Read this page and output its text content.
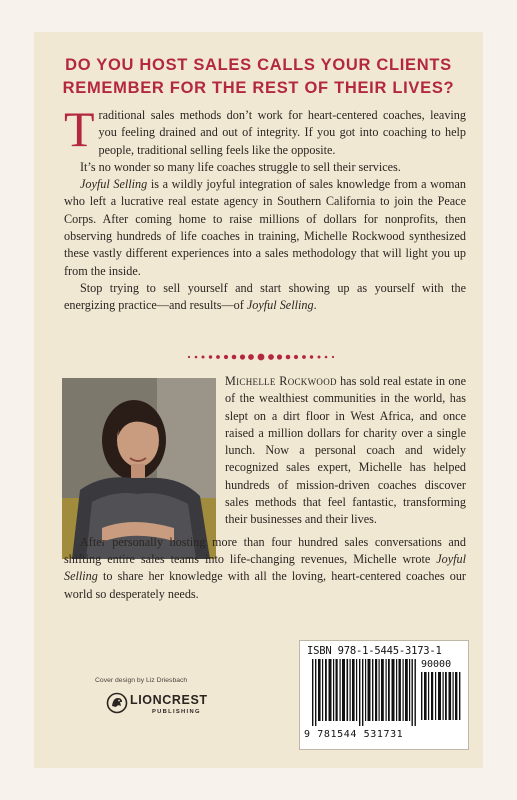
DO YOU HOST SALES CALLS YOUR CLIENTS
REMEMBER FOR THE REST OF THEIR LIVES?

Traditional sales methods don’t work for heart-centered coaches, leaving you feeling drained and out of integrity. If you got into coaching to help people, traditional selling feels like the opposite.

It’s no wonder so many life coaches struggle to sell their services.

Joyful Selling is a wildly joyful integration of sales knowledge from a woman who left a lucrative real estate agency in Southern California to join the Peace Corps. After coming home to raise millions of dollars for nonprofits, then observing hundreds of life coaches in training, Michelle Rockwood synthesized these vastly different experiences into a sales methodology that will light you up from the inside.

Stop trying to sell yourself and start showing up as yourself with the energizing practice—and results—of Joyful Selling.

Michelle Rockwood has sold real estate in one of the wealthiest communities in the world, has slept on a dirt floor in West Africa, and once raised a million dollars for charity over a single lunch. Now a personal coach and widely recognized sales expert, Michelle has helped hundreds of mission-driven coaches discover sales methods that feel fantastic, transforming their businesses and their lives.

After personally hosting more than four hundred sales conversations and shifting entire sales teams into life-changing revenues, Michelle wrote Joyful Selling to share her knowledge with all the loving, heart-centered coaches our world so desperately needs.

Cover design by Liz Driesbach
LIONCREST
PUBLISHING
ISBN 978-1-5445-3173-1
90000
9 781544 531731
